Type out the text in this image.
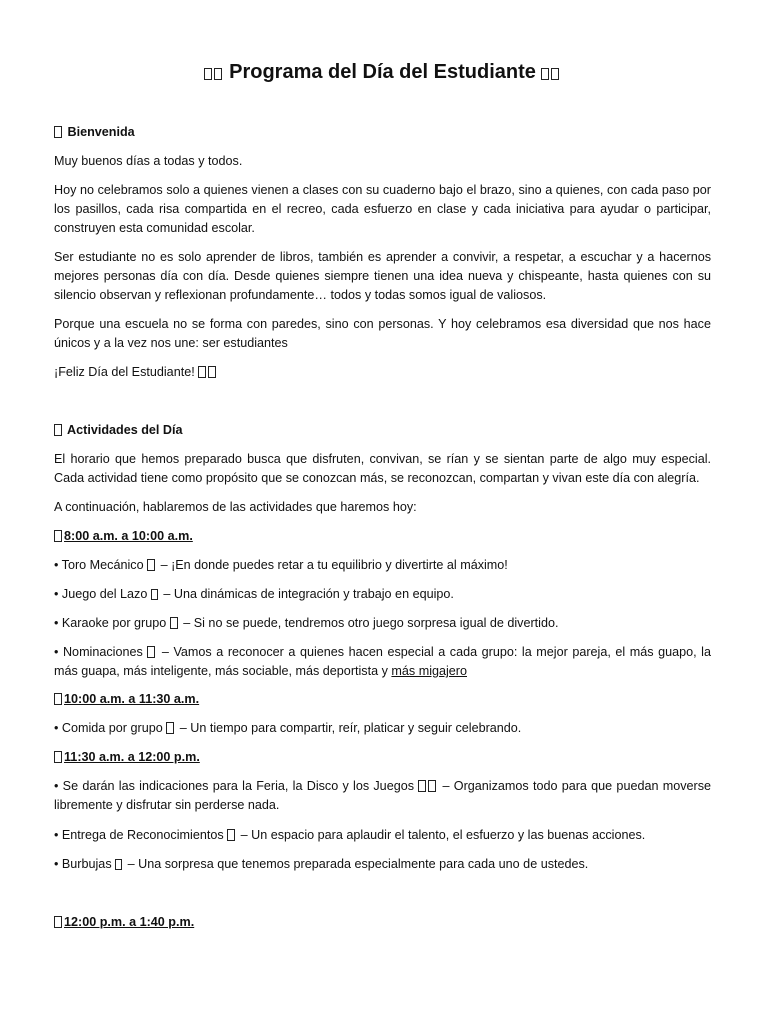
Programa del Día del Estudiante
Bienvenida
Muy buenos días a todas y todos.
Hoy no celebramos solo a quienes vienen a clases con su cuaderno bajo el brazo, sino a quienes, con cada paso por los pasillos, cada risa compartida en el recreo, cada esfuerzo en clase y cada iniciativa para ayudar o participar, construyen esta comunidad escolar.
Ser estudiante no es solo aprender de libros, también es aprender a convivir, a respetar, a escuchar y a hacernos mejores personas día con día. Desde quienes siempre tienen una idea nueva y chispeante, hasta quienes con su silencio observan y reflexionan profundamente… todos y todas somos igual de valiosos.
Porque una escuela no se forma con paredes, sino con personas. Y hoy celebramos esa diversidad que nos hace únicos y a la vez nos une: ser estudiantes
¡Feliz Día del Estudiante!
Actividades del Día
El horario que hemos preparado busca que disfruten, convivan, se rían y se sientan parte de algo muy especial. Cada actividad tiene como propósito que se conozcan más, se reconozcan, compartan y vivan este día con alegría.
A continuación, hablaremos de las actividades que haremos hoy:
8:00 a.m. a 10:00 a.m.
• Toro Mecánico – ¡En donde puedes retar a tu equilibrio y divertirte al máximo!
• Juego del Lazo – Una dinámicas de integración y trabajo en equipo.
• Karaoke por grupo – Si no se puede, tendremos otro juego sorpresa igual de divertido.
• Nominaciones – Vamos a reconocer a quienes hacen especial a cada grupo: la mejor pareja, el más guapo, la más guapa, más inteligente, más sociable, más deportista y más migajero
10:00 a.m. a 11:30 a.m.
• Comida por grupo – Un tiempo para compartir, reír, platicar y seguir celebrando.
11:30 a.m. a 12:00 p.m.
• Se darán las indicaciones para la Feria, la Disco y los Juegos – Organizamos todo para que puedan moverse libremente y disfrutar sin perderse nada.
• Entrega de Reconocimientos – Un espacio para aplaudir el talento, el esfuerzo y las buenas acciones.
• Burbujas – Una sorpresa que tenemos preparada especialmente para cada uno de ustedes.
12:00 p.m. a 1:40 p.m.
